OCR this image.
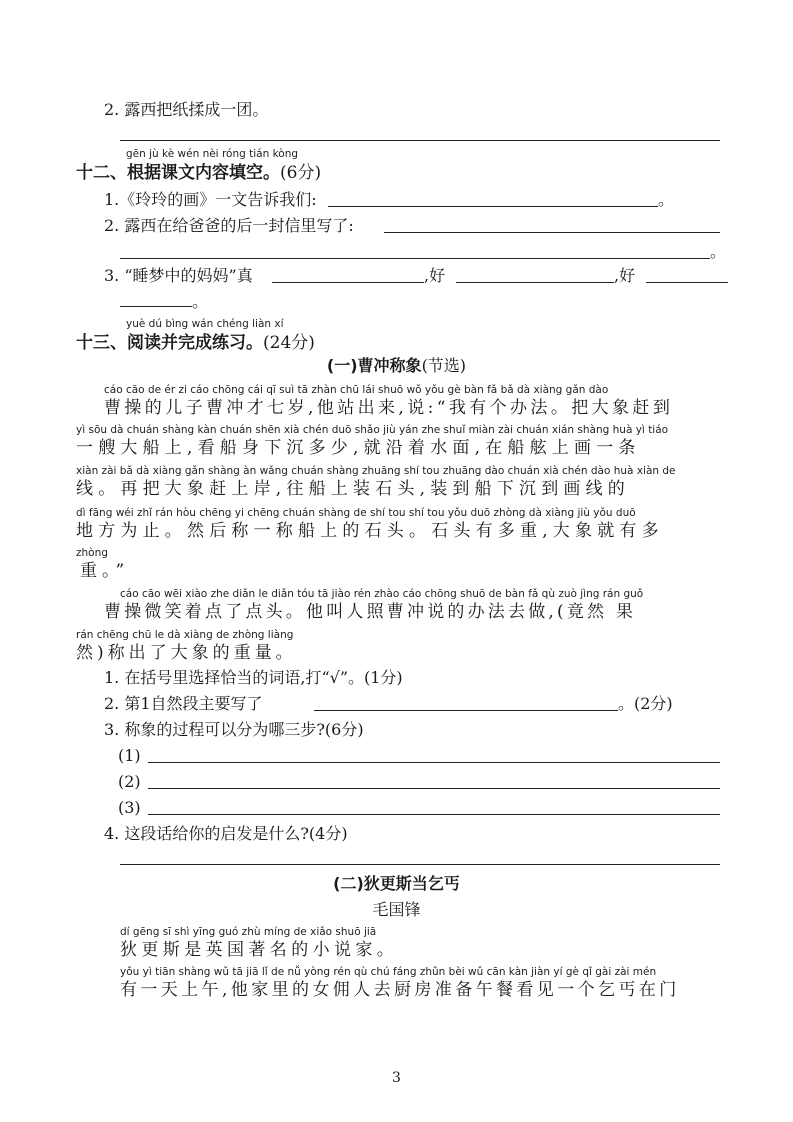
2. 露西把纸揉成一团。
gēn jù kè wén nèi róng tián kòng
十二、根据课文内容填空。(6分)
1.《玲玲的画》一文告诉我们:	。
2. 露西在给爸爸的后一封信里写了:
。
3. “睡梦中的妈妈”真	,好	,好
。
yuè dú bìng wán chéng liàn xí
十三、阅读并完成练习。(24分)
(一)曹冲称象(节选)
cáo cāo de ér zi cáo chōng cái qī suì tā zhàn chū lái shuō wǒ yǒu gè bàn fǎ bǎ dà xiàng gǎn dào
曹操的儿子曹冲才七岁,他站出来,说:“我有个办法。把大象赶到
yì sōu dà chuán shàng kàn chuán shēn xià chén duō shǎo jiù yán zhe shuǐ miàn zài chuán xián shàng huà yì tiáo
一艘大船上,看船身下沉多少,就沿着水面,在船舷上画一条
xiàn zài bǎ dà xiàng gǎn shàng àn wǎng chuán shàng zhuāng shí tou zhuāng dào chuán xià chén dào huà xiàn de
线。再把大象赶上岸,往船上装石头,装到船下沉到画线的
dì fāng wéi zhǐ rán hòu chēng yi chēng chuán shàng de shí tou shí tou yǒu duō zhòng dà xiàng jiù yǒu duō
地方为止。然后称一称船上的石头。石头有多重,大象就有多
zhòng
重。”
cáo cāo wēi xiào zhe diǎn le diǎn tóu tā jiào rén zhào cáo chōng shuō de bàn fǎ qù zuò jìng rán guǒ
曹操微笑着点了点头。他叫人照曹冲说的办法去做,(竟然 果
rán chēng chū le dà xiàng de zhòng liàng
然)称出了大象的重量。
1. 在括号里选择恰当的词语,打“√”。(1分)
2. 第1自然段主要写了	。(2分)
3. 称象的过程可以分为哪三步?(6分)
(1)
(2)
(3)
4. 这段话给你的启发是什么?(4分)
(二)狄更斯当乞丐
毛国锋
dí gēng sī shì yīng guó zhù míng de xiǎo shuō jiā
狄更斯是英国著名的小说家。
yǒu yì tiān shàng wǔ tā jiā lǐ de nǚ yòng rén qù chú fáng zhǔn bèi wǔ cān kàn jiàn yí gè qǐ gài zài mén
有一天上午,他家里的女佣人去厨房准备午餐看见一个乞丐在门
3
